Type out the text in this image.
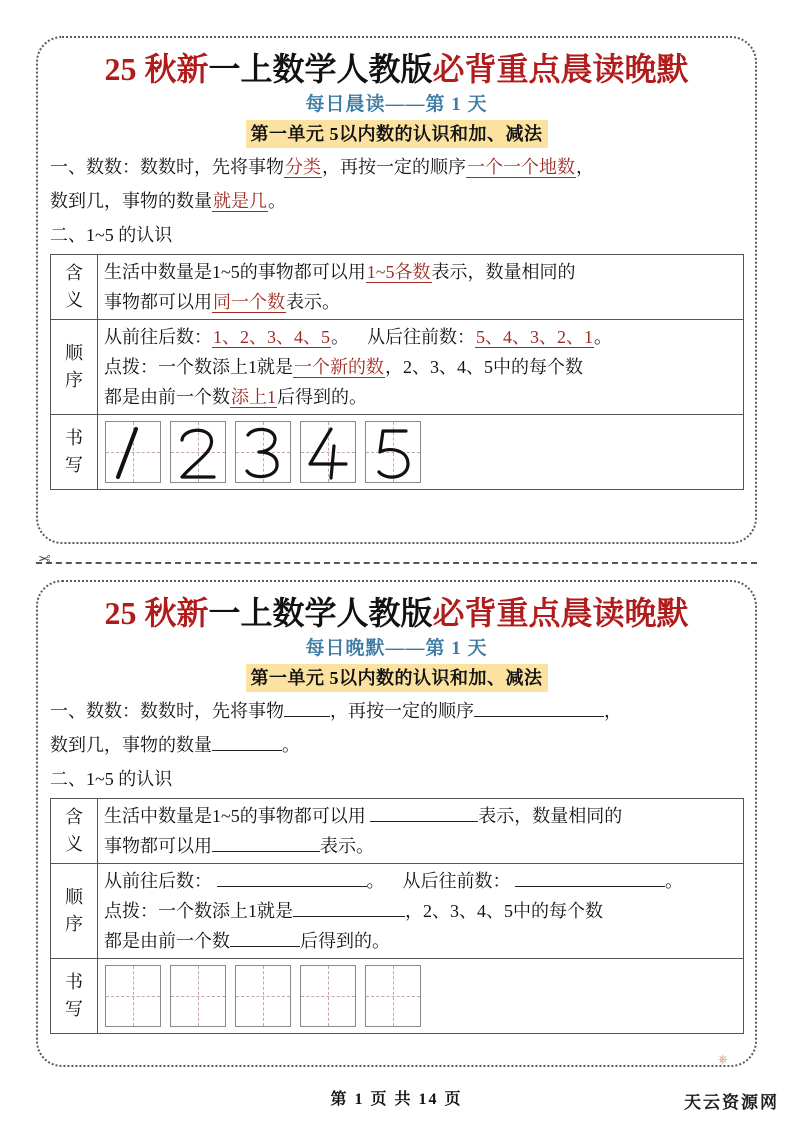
25 秋新一上数学人教版必背重点晨读晚默
每日晨读——第 1 天
第一单元 5以内数的认识和加、减法
一、数数：数数时，先将事物分类，再按一定的顺序一个一个地数，
数到几，事物的数量就是几。
二、1~5 的认识
含义	生活中数量是1~5的事物都可以用1~5各数表示，数量相同的
事物都可以用同一个数表示。

顺序	从前往后数：1、2、3、4、5。 从后往前数：5、4、3、2、1。
点拨：一个数添上1就是一个新的数，2、3、4、5中的每个数
都是由前一个数添上1后得到的。

书写	
✂
25 秋新一上数学人教版必背重点晨读晚默
每日晚默——第 1 天
第一单元 5以内数的认识和加、减法
一、数数：数数时，先将事物	，再按一定的顺序	，
数到几，事物的数量	。
二、1~5 的认识
含义	生活中数量是1~5的事物都可以用 表示，数量相同的
事物都可以用 表示。

顺序	从前往后数： 。 从后往前数： 。
点拨：一个数添上1就是 ，2、3、4、5中的每个数
都是由前一个数 后得到的。

书写	
⎈
第 1 页 共 14 页	天云资源网
